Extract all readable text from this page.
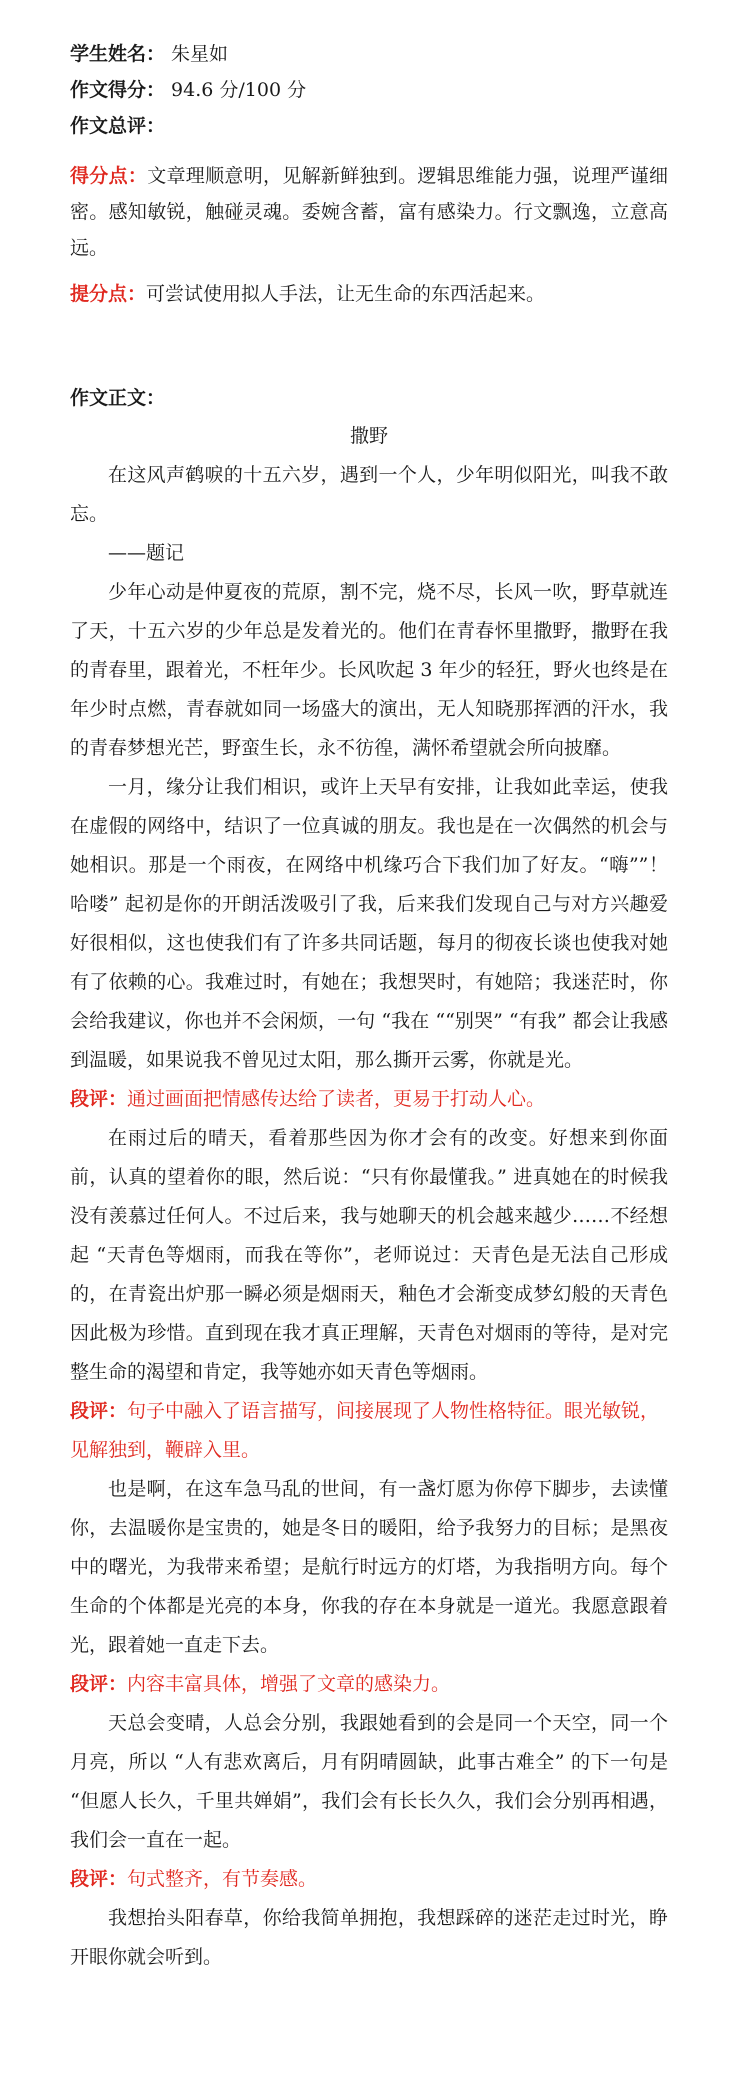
学生姓名： 朱星如
作文得分： 94.6 分/100 分
作文总评：
得分点：文章理顺意明，见解新鲜独到。逻辑思维能力强，说理严谨细密。感知敏锐，触碰灵魂。委婉含蓄，富有感染力。行文飘逸，立意高远。
提分点：可尝试使用拟人手法，让无生命的东西活起来。
作文正文：

撒野

在这风声鹤唳的十五六岁，遇到一个人，少年明似阳光，叫我不敢忘。

——题记

少年心动是仲夏夜的荒原，割不完，烧不尽，长风一吹，野草就连了天，十五六岁的少年总是发着光的。他们在青春怀里撒野，撒野在我的青春里，跟着光，不枉年少。长风吹起 3 年少的轻狂，野火也终是在年少时点燃，青春就如同一场盛大的演出，无人知晓那挥洒的汗水，我的青春梦想光芒，野蛮生长，永不彷徨，满怀希望就会所向披靡。

一月，缘分让我们相识，或许上天早有安排，让我如此幸运，使我在虚假的网络中，结识了一位真诚的朋友。我也是在一次偶然的机会与她相识。那是一个雨夜，在网络中机缘巧合下我们加了好友。“嗨””！哈喽” 起初是你的开朗活泼吸引了我，后来我们发现自己与对方兴趣爱好很相似，这也使我们有了许多共同话题，每月的彻夜长谈也使我对她有了依赖的心。我难过时，有她在；我想哭时，有她陪；我迷茫时，你会给我建议，你也并不会闲烦，一句 “我在 ““别哭” “有我” 都会让我感到温暖，如果说我不曾见过太阳，那么撕开云雾，你就是光。

段评：通过画面把情感传达给了读者，更易于打动人心。

在雨过后的晴天，看着那些因为你才会有的改变。好想来到你面前，认真的望着你的眼，然后说：“只有你最懂我。” 进真她在的时候我没有羡慕过任何人。不过后来，我与她聊天的机会越来越少……不经想起 “天青色等烟雨，而我在等你”，老师说过：天青色是无法自己形成的，在青瓷出炉那一瞬必须是烟雨天，釉色才会渐变成梦幻般的天青色因此极为珍惜。直到现在我才真正理解，天青色对烟雨的等待，是对完整生命的渴望和肯定，我等她亦如天青色等烟雨。

段评：句子中融入了语言描写，间接展现了人物性格特征。眼光敏锐，见解独到，鞭辟入里。

也是啊，在这车急马乱的世间，有一盏灯愿为你停下脚步，去读懂你，去温暖你是宝贵的，她是冬日的暖阳，给予我努力的目标；是黑夜中的曙光，为我带来希望；是航行时远方的灯塔，为我指明方向。每个生命的个体都是光亮的本身，你我的存在本身就是一道光。我愿意跟着光，跟着她一直走下去。

段评：内容丰富具体，增强了文章的感染力。

天总会变晴，人总会分别，我跟她看到的会是同一个天空，同一个月亮，所以 “人有悲欢离后，月有阴晴圆缺，此事古难全” 的下一句是 “但愿人长久，千里共婵娟”，我们会有长长久久，我们会分别再相遇，我们会一直在一起。

段评：句式整齐，有节奏感。

我想抬头阳春草，你给我简单拥抱，我想踩碎的迷茫走过时光，睁开眼你就会听到。
